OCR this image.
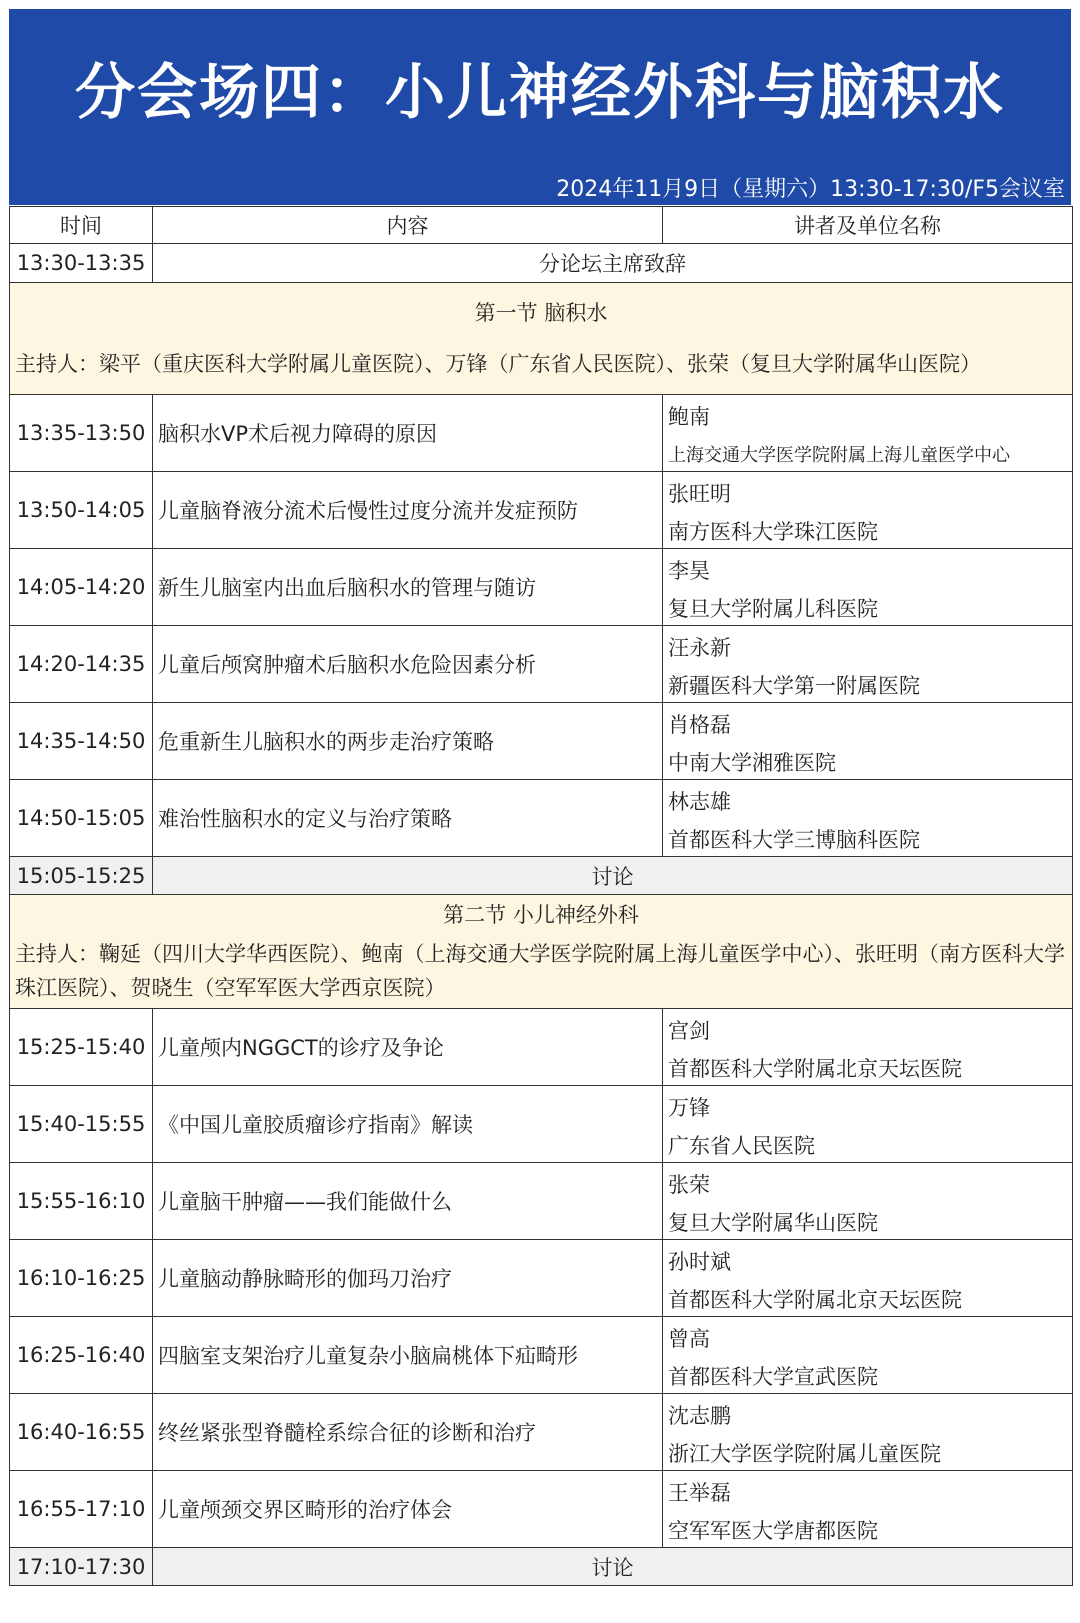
分会场四：小儿神经外科与脑积水
2024年11月9日（星期六）13:30-17:30/F5会议室
时间	内容	讲者及单位名称
13:30-13:35	分论坛主席致辞	

第一节 脑积水
主持人：梁平（重庆医科大学附属儿童医院）、万锋（广东省人民医院）、张荣（复旦大学附属华山医院）		

13:35-13:50	脑积水VP术后视力障碍的原因	鲍南
上海交通大学医学院附属上海儿童医学中心

13:50-14:05	儿童脑脊液分流术后慢性过度分流并发症预防	张旺明
南方医科大学珠江医院

14:05-14:20	新生儿脑室内出血后脑积水的管理与随访	李昊
复旦大学附属儿科医院

14:20-14:35	儿童后颅窝肿瘤术后脑积水危险因素分析	汪永新
新疆医科大学第一附属医院

14:35-14:50	危重新生儿脑积水的两步走治疗策略	肖格磊
中南大学湘雅医院

14:50-15:05	难治性脑积水的定义与治疗策略	林志雄
首都医科大学三博脑科医院

15:05-15:25	讨论	

第二节 小儿神经外科
主持人：鞠延（四川大学华西医院）、鲍南（上海交通大学医学院附属上海儿童医学中心）、张旺明（南方医科大学珠江医院）、贺晓生（空军军医大学西京医院）		

15:25-15:40	儿童颅内NGGCT的诊疗及争论	宫剑
首都医科大学附属北京天坛医院

15:40-15:55	《中国儿童胶质瘤诊疗指南》解读	万锋
广东省人民医院

15:55-16:10	儿童脑干肿瘤——我们能做什么	张荣
复旦大学附属华山医院

16:10-16:25	儿童脑动静脉畸形的伽玛刀治疗	孙时斌
首都医科大学附属北京天坛医院

16:25-16:40	四脑室支架治疗儿童复杂小脑扁桃体下疝畸形	曾高
首都医科大学宣武医院

16:40-16:55	终丝紧张型脊髓栓系综合征的诊断和治疗	沈志鹏
浙江大学医学院附属儿童医院

16:55-17:10	儿童颅颈交界区畸形的治疗体会	王举磊
空军军医大学唐都医院

17:10-17:30	讨论	
